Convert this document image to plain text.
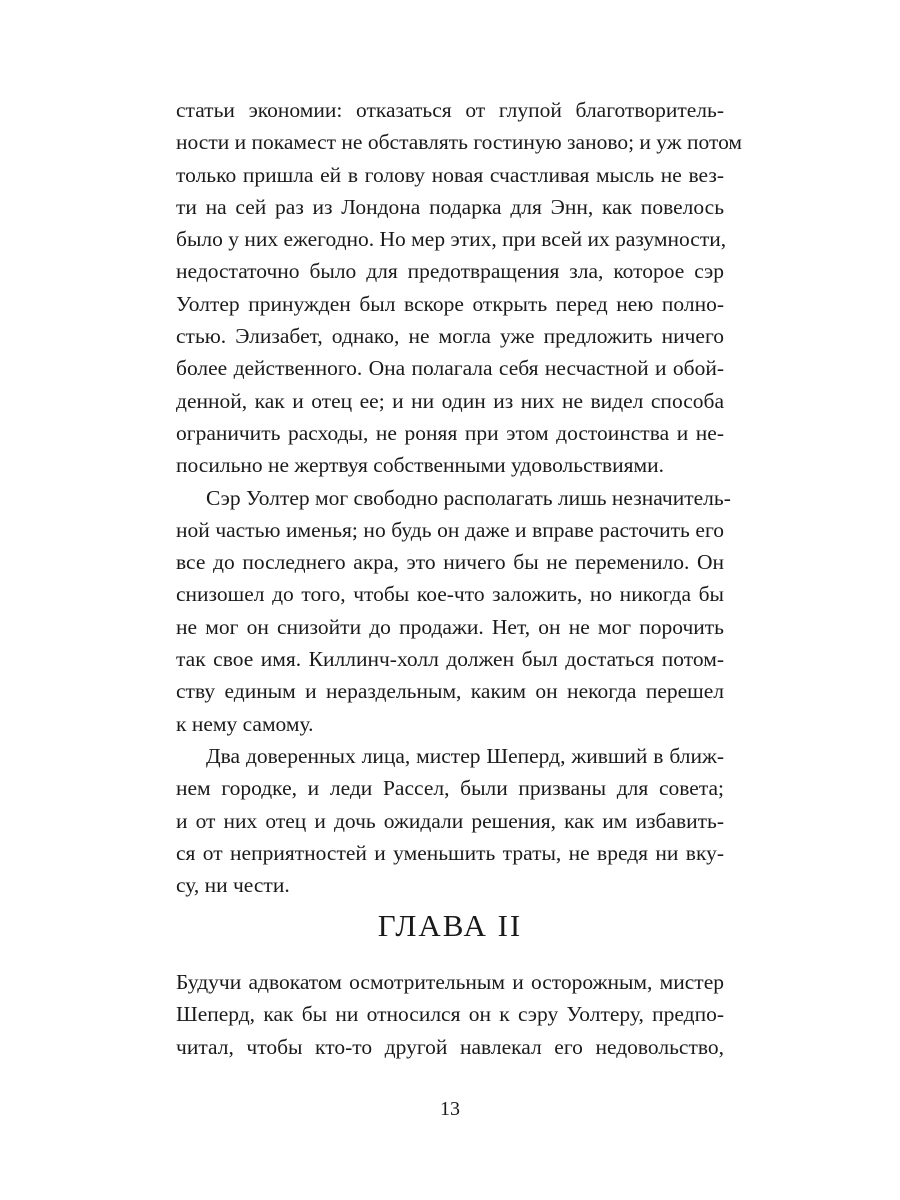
статьи экономии: отказаться от глупой благотворитель-
ности и покамест не обставлять гостиную заново; и уж потом
только пришла ей в голову новая счастливая мысль не вез-
ти на сей раз из Лондона подарка для Энн, как повелось
было у них ежегодно. Но мер этих, при всей их разумности,
недостаточно было для предотвращения зла, которое сэр
Уолтер принужден был вскоре открыть перед нею полно-
стью. Элизабет, однако, не могла уже предложить ничего
более действенного. Она полагала себя несчастной и обой-
денной, как и отец ее; и ни один из них не видел способа
ограничить расходы, не роняя при этом достоинства и не-
посильно не жертвуя собственными удовольствиями.
Сэр Уолтер мог свободно располагать лишь незначитель-
ной частью именья; но будь он даже и вправе расточить его
все до последнего акра, это ничего бы не переменило. Он
снизошел до того, чтобы кое-что заложить, но никогда бы
не мог он снизойти до продажи. Нет, он не мог порочить
так свое имя. Киллинч-холл должен был достаться потом-
ству единым и нераздельным, каким он некогда перешел
к нему самому.
Два доверенных лица, мистер Шеперд, живший в ближ-
нем городке, и леди Рассел, были призваны для совета;
и от них отец и дочь ожидали решения, как им избавить-
ся от неприятностей и уменьшить траты, не вредя ни вку-
су, ни чести.
ГЛАВА II
Будучи адвокатом осмотрительным и осторожным, мистер
Шеперд, как бы ни относился он к сэру Уолтеру, предпо-
читал, чтобы кто-то другой навлекал его недовольство,
13
